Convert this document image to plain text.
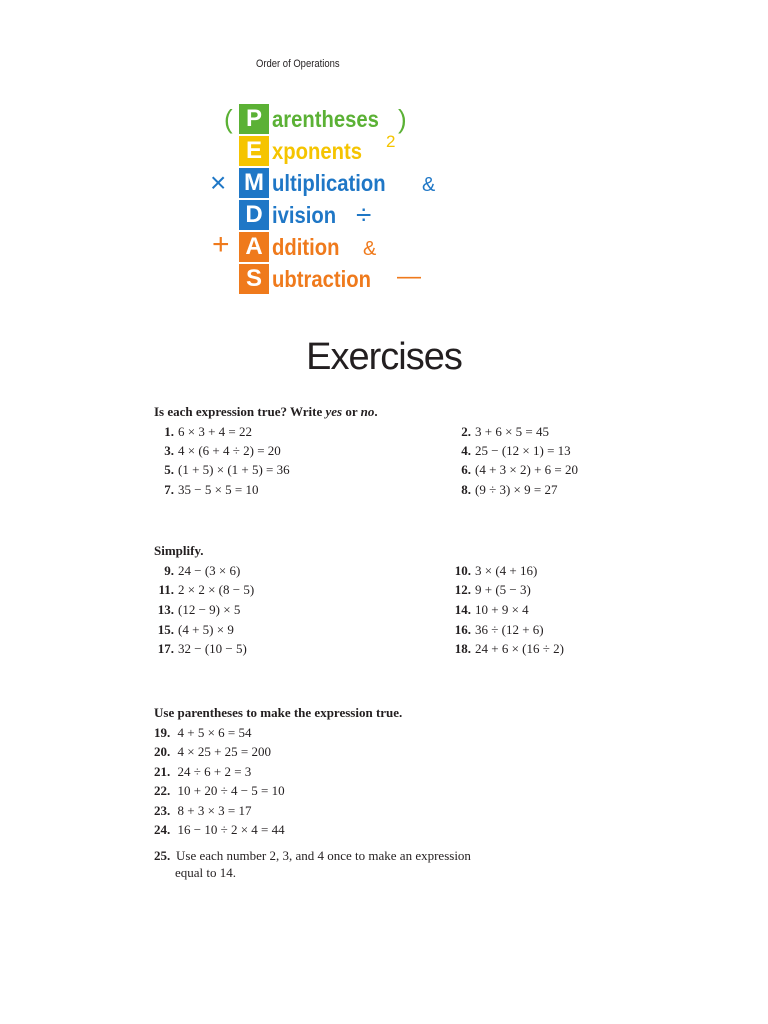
Order of Operations
( P arentheses )
E xponents 2
× M ultiplication &
D ivision ÷
+ A ddition &
S ubtraction —
Exercises
Is each expression true? Write yes or no.
1. 6 × 3 + 4 = 22	2. 3 + 6 × 5 = 45
3. 4 × (6 + 4 ÷ 2) = 20	4. 25 − (12 × 1) = 13
5. (1 + 5) × (1 + 5) = 36	6. (4 + 3 × 2) + 6 = 20
7. 35 − 5 × 5 = 10	8. (9 ÷ 3) × 9 = 27
Simplify.
9. 24 − (3 × 6)	10. 3 × (4 + 16)
11. 2 × 2 × (8 − 5)	12. 9 + (5 − 3)
13. (12 − 9) × 5	14. 10 + 9 × 4
15. (4 + 5) × 9	16. 36 ÷ (12 + 6)
17. 32 − (10 − 5)	18. 24 + 6 × (16 ÷ 2)
Use parentheses to make the expression true.
19. 4 + 5 × 6 = 54
20. 4 × 25 + 25 = 200
21. 24 ÷ 6 + 2 = 3
22. 10 + 20 ÷ 4 − 5 = 10
23. 8 + 3 × 3 = 17
24. 16 − 10 ÷ 2 × 4 = 44
25. Use each number 2, 3, and 4 once to make an expression
equal to 14.
